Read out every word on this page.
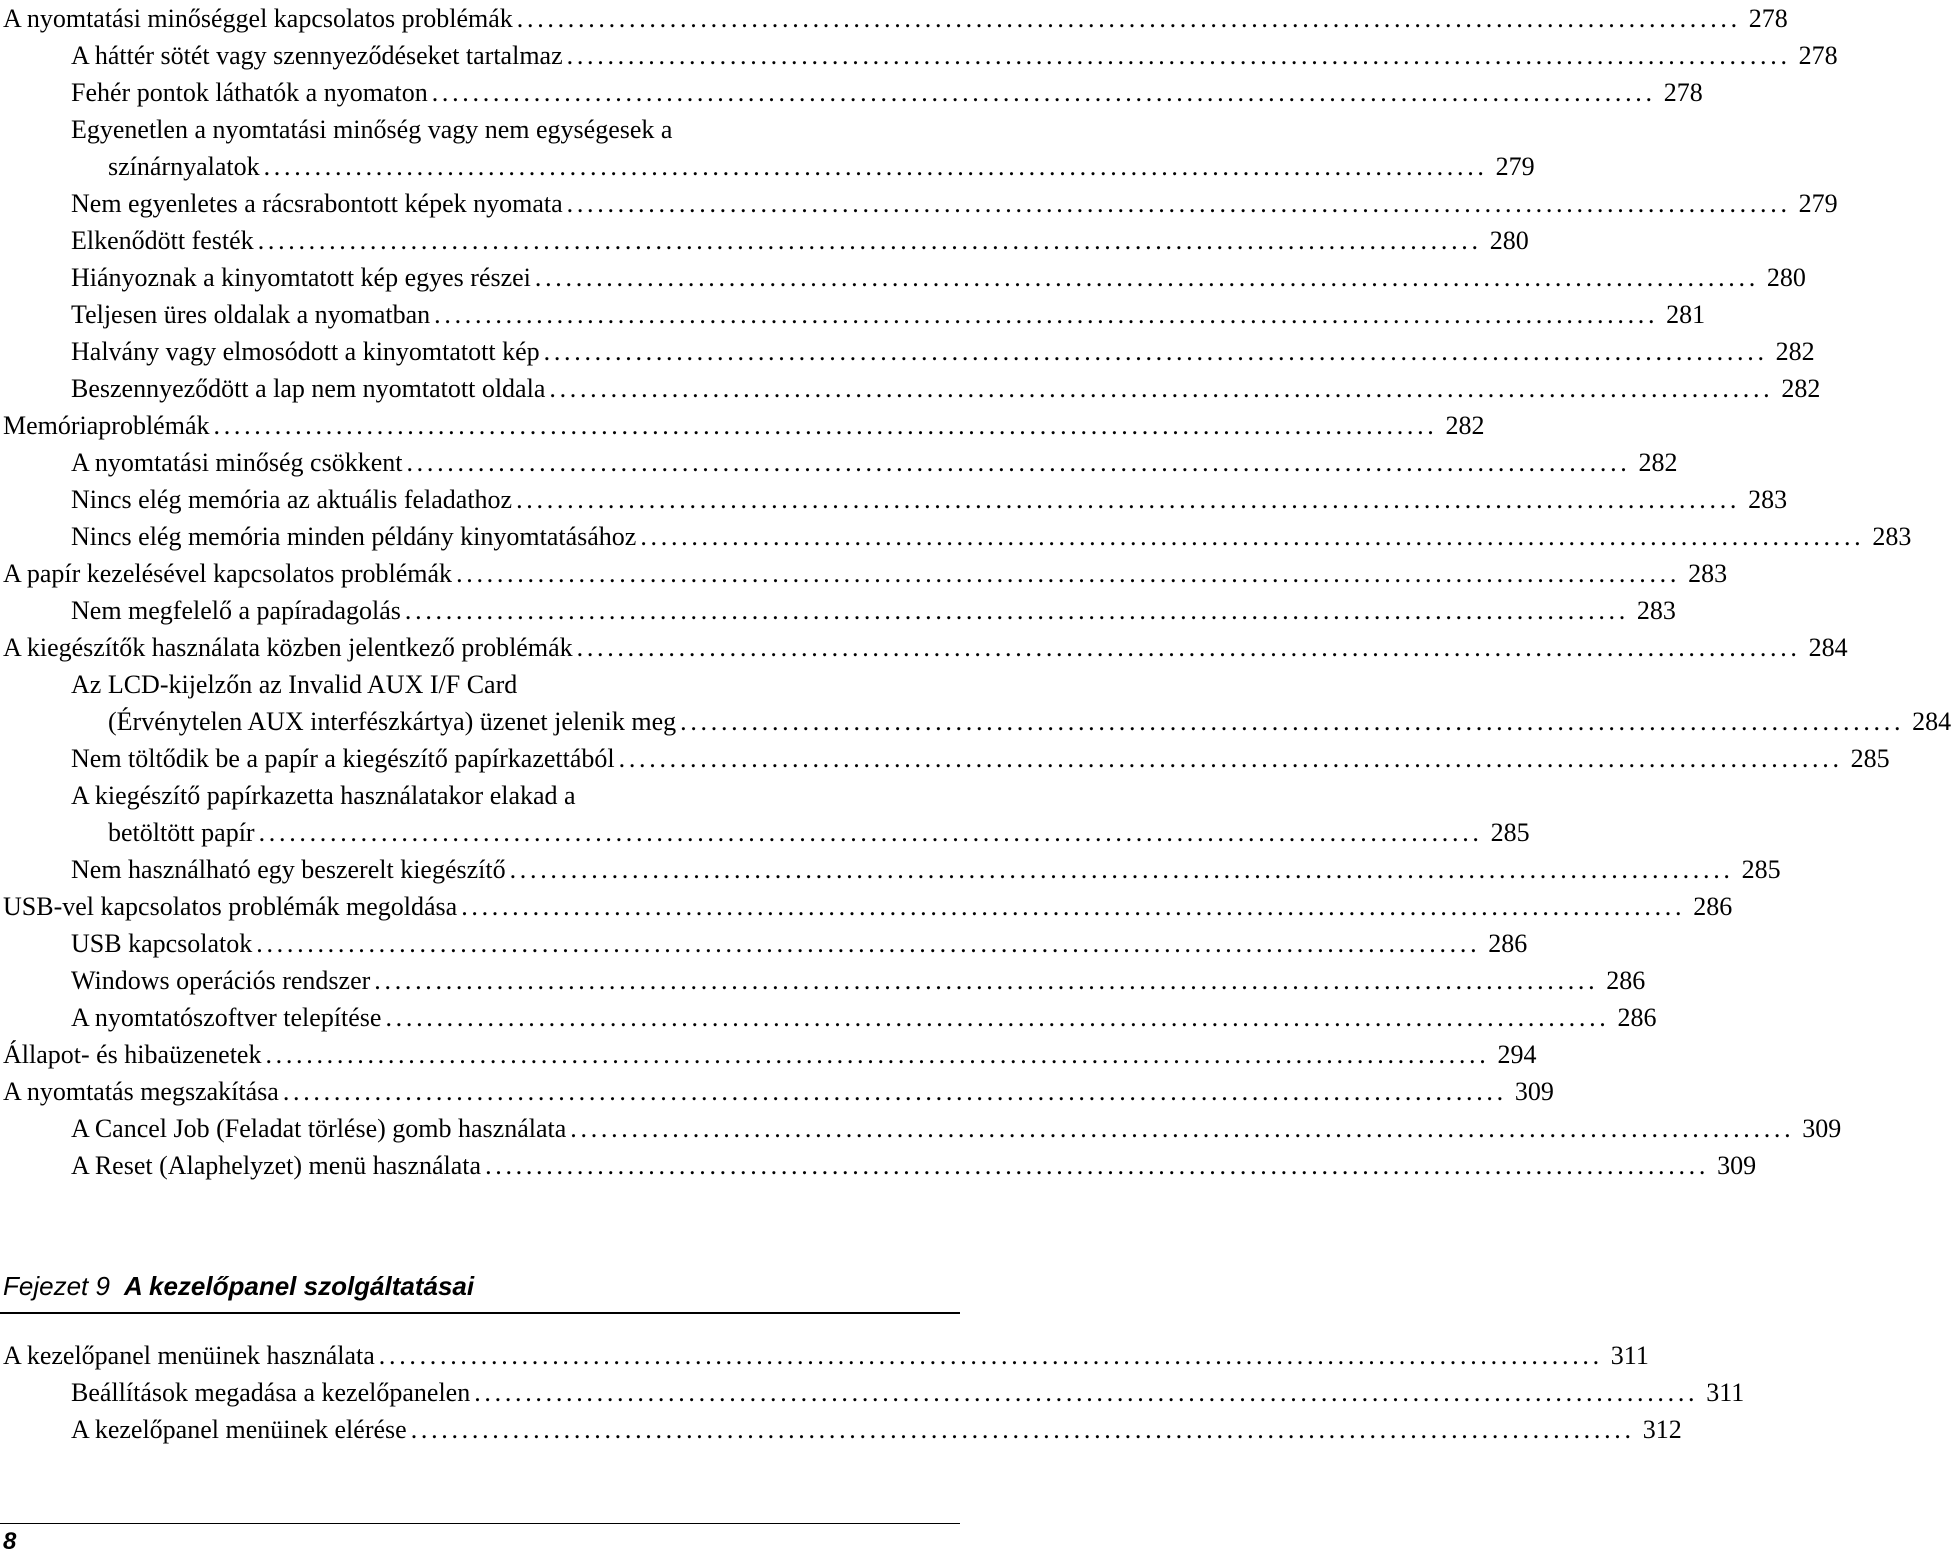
A nyomtatási minőséggel kapcsolatos problémák ........................................................................................................................ 278
A háttér sötét vagy szennyeződéseket tartalmaz ........................................................................................................................ 278
Fehér pontok láthatók a nyomaton ........................................................................................................................ 278
Egyenetlen a nyomtatási minőség vagy nem egységesek a
színárnyalatok ........................................................................................................................ 279
Nem egyenletes a rácsrabontott képek nyomata ........................................................................................................................ 279
Elkenődött festék ........................................................................................................................ 280
Hiányoznak a kinyomtatott kép egyes részei ........................................................................................................................ 280
Teljesen üres oldalak a nyomatban ........................................................................................................................ 281
Halvány vagy elmosódott a kinyomtatott kép ........................................................................................................................ 282
Beszennyeződött a lap nem nyomtatott oldala ........................................................................................................................ 282
Memóriaproblémák ........................................................................................................................ 282
A nyomtatási minőség csökkent ........................................................................................................................ 282
Nincs elég memória az aktuális feladathoz ........................................................................................................................ 283
Nincs elég memória minden példány kinyomtatásához ........................................................................................................................ 283
A papír kezelésével kapcsolatos problémák ........................................................................................................................ 283
Nem megfelelő a papíradagolás ........................................................................................................................ 283
A kiegészítők használata közben jelentkező problémák ........................................................................................................................ 284
Az LCD-kijelzőn az Invalid AUX I/F Card
(Érvénytelen AUX interfészkártya) üzenet jelenik meg ........................................................................................................................ 284
Nem töltődik be a papír a kiegészítő papírkazettából ........................................................................................................................ 285
A kiegészítő papírkazetta használatakor elakad a
betöltött papír ........................................................................................................................ 285
Nem használható egy beszerelt kiegészítő ........................................................................................................................ 285
USB-vel kapcsolatos problémák megoldása ........................................................................................................................ 286
USB kapcsolatok ........................................................................................................................ 286
Windows operációs rendszer ........................................................................................................................ 286
A nyomtatószoftver telepítése ........................................................................................................................ 286
Állapot- és hibaüzenetek ........................................................................................................................ 294
A nyomtatás megszakítása ........................................................................................................................ 309
A Cancel Job (Feladat törlése) gomb használata ........................................................................................................................ 309
A Reset (Alaphelyzet) menü használata ........................................................................................................................ 309
Fejezet 9 A kezelőpanel szolgáltatásai
A kezelőpanel menüinek használata ........................................................................................................................ 311
Beállítások megadása a kezelőpanelen ........................................................................................................................ 311
A kezelőpanel menüinek elérése ........................................................................................................................ 312
8
